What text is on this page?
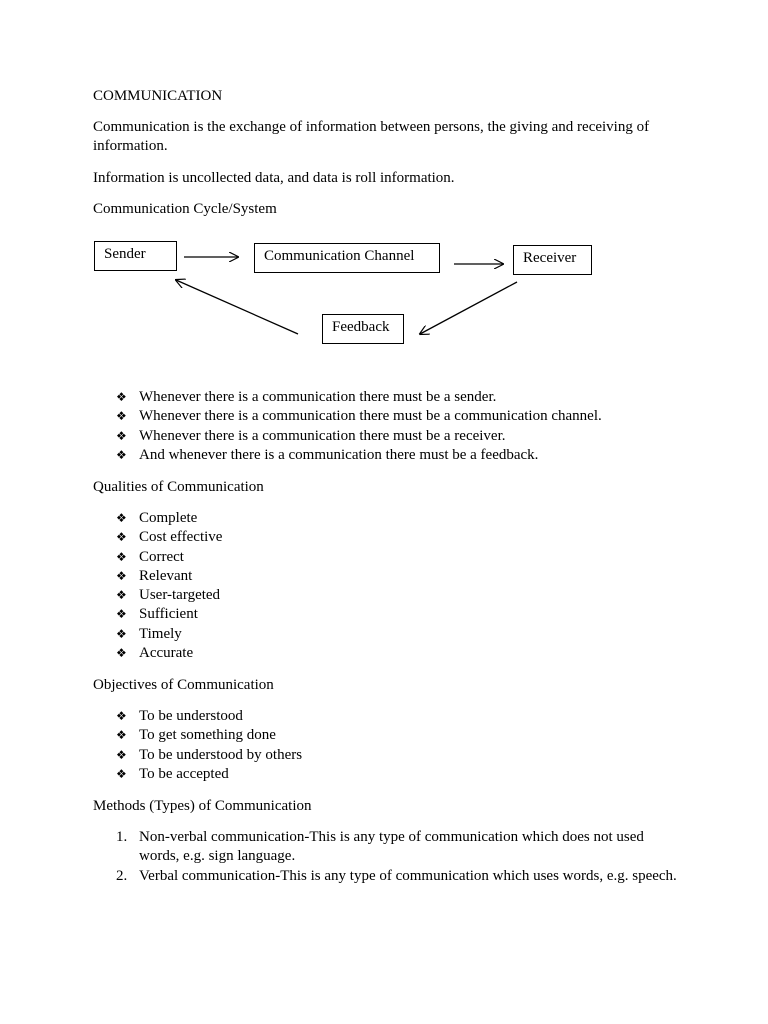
COMMUNICATION
Communication is the exchange of information between persons, the giving and receiving of information.
Information is uncollected data, and data is roll information.
Communication Cycle/System
Sender	Communication Channel	Receiver
Feedback
❖ Whenever there is a communication there must be a sender.
❖ Whenever there is a communication there must be a communication channel.
❖ Whenever there is a communication there must be a receiver.
❖ And whenever there is a communication there must be a feedback.
Qualities of Communication
❖ Complete
❖ Cost effective
❖ Correct
❖ Relevant
❖ User-targeted
❖ Sufficient
❖ Timely
❖ Accurate
Objectives of Communication
❖ To be understood
❖ To get something done
❖ To be understood by others
❖ To be accepted
Methods (Types) of Communication
1. Non-verbal communication-This is any type of communication which does not used words, e.g. sign language.
2. Verbal communication-This is any type of communication which uses words, e.g. speech.
